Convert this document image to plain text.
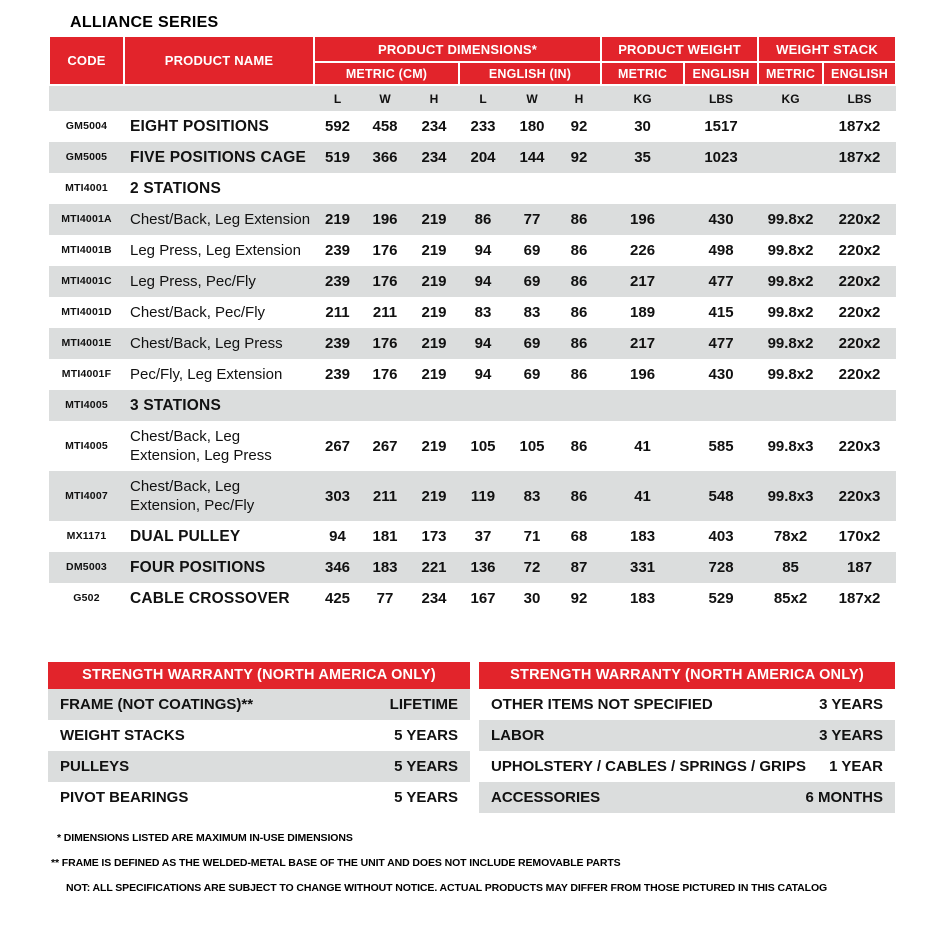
ALLIANCE SERIES
CODE	PRODUCT NAME	PRODUCT DIMENSIONS*						PRODUCT WEIGHT		WEIGHT STACK	
		METRIC (CM)			ENGLISH (IN)			METRIC	ENGLISH	METRIC	ENGLISH
		L	W	H	L	W	H	KG	LBS	KG	LBS
GM5004	EIGHT POSITIONS	592	458	234	233	180	92	30	1517		187x2
GM5005	FIVE POSITIONS CAGE	519	366	234	204	144	92	35	1023		187x2
MTI4001	2 STATIONS										
MTI4001A	Chest/Back, Leg Extension	219	196	219	86	77	86	196	430	99.8x2	220x2
MTI4001B	Leg Press, Leg Extension	239	176	219	94	69	86	226	498	99.8x2	220x2
MTI4001C	Leg Press, Pec/Fly	239	176	219	94	69	86	217	477	99.8x2	220x2
MTI4001D	Chest/Back, Pec/Fly	211	211	219	83	83	86	189	415	99.8x2	220x2
MTI4001E	Chest/Back, Leg Press	239	176	219	94	69	86	217	477	99.8x2	220x2
MTI4001F	Pec/Fly, Leg Extension	239	176	219	94	69	86	196	430	99.8x2	220x2
MTI4005	3 STATIONS										
MTI4005	Chest/Back, Leg Extension, Leg Press	267	267	219	105	105	86	41	585	99.8x3	220x3
MTI4007	Chest/Back, Leg Extension, Pec/Fly	303	211	219	119	83	86	41	548	99.8x3	220x3
MX1171	DUAL PULLEY	94	181	173	37	71	68	183	403	78x2	170x2
DM5003	FOUR POSITIONS	346	183	221	136	72	87	331	728	85	187
G502	CABLE CROSSOVER	425	77	234	167	30	92	183	529	85x2	187x2
STRENGTH WARRANTY (NORTH AMERICA ONLY)
FRAME (NOT COATINGS)**	LIFETIME
WEIGHT STACKS	5 YEARS
PULLEYS	5 YEARS
PIVOT BEARINGS	5 YEARS
STRENGTH WARRANTY (NORTH AMERICA ONLY)
OTHER ITEMS NOT SPECIFIED	3 YEARS
LABOR	3 YEARS
UPHOLSTERY / CABLES / SPRINGS / GRIPS 1 YEAR
ACCESSORIES	6 MONTHS
* DIMENSIONS LISTED ARE MAXIMUM IN-USE DIMENSIONS
** FRAME IS DEFINED AS THE WELDED-METAL BASE OF THE UNIT AND DOES NOT INCLUDE REMOVABLE PARTS
NOT: ALL SPECIFICATIONS ARE SUBJECT TO CHANGE WITHOUT NOTICE. ACTUAL PRODUCTS MAY DIFFER FROM THOSE PICTURED IN THIS CATALOG
